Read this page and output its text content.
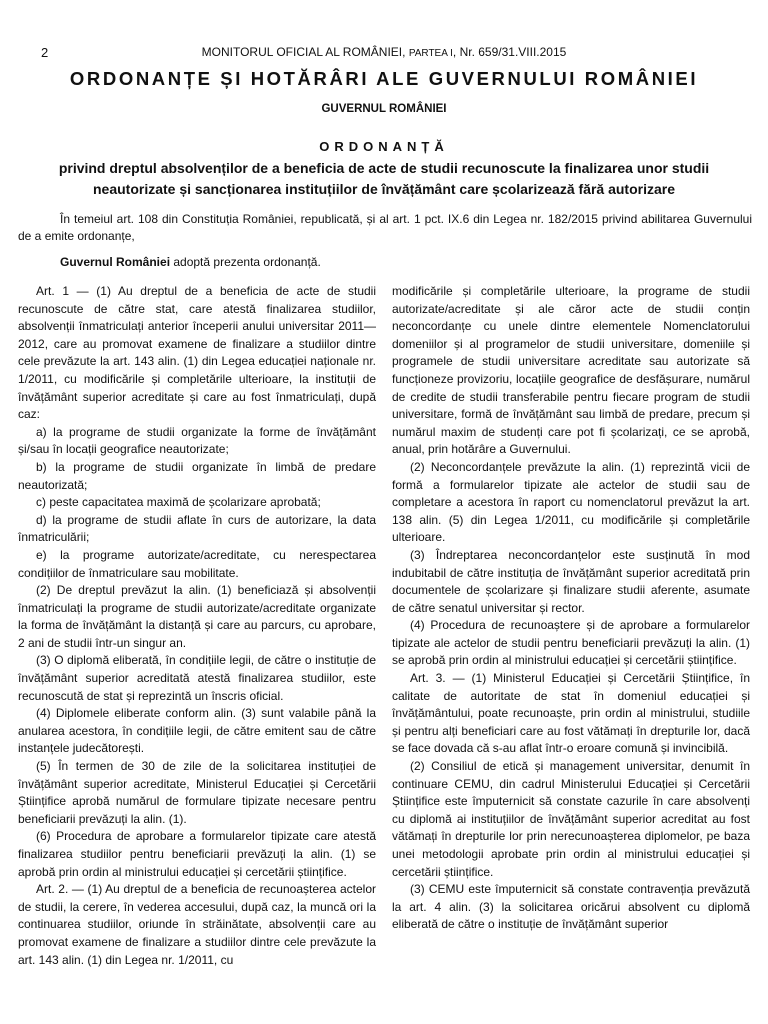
2	MONITORUL OFICIAL AL ROMÂNIEI, PARTEA I, Nr. 659/31.VIII.2015
ORDONANȚE ȘI HOTĂRÂRI ALE GUVERNULUI ROMÂNIEI
GUVERNUL ROMÂNIEI
ORDONANȚĂ
privind dreptul absolvenților de a beneficia de acte de studii recunoscute la finalizarea unor studii neautorizate și sancționarea instituțiilor de învățământ care școlarizează fără autorizare

În temeiul art. 108 din Constituția României, republicată, și al art. 1 pct. IX.6 din Legea nr. 182/2015 privind abilitarea Guvernului de a emite ordonanțe,

Guvernul României adoptă prezenta ordonanță.

Art. 1 — (1) Au dreptul de a beneficia de acte de studii recunoscute de către stat, care atestă finalizarea studiilor, absolvenții înmatriculați anterior începerii anului universitar 2011—2012, care au promovat examene de finalizare a studiilor dintre cele prevăzute la art. 143 alin. (1) din Legea educației naționale nr. 1/2011, cu modificările și completările ulterioare, la instituții de învățământ superior acreditate și care au fost înmatriculați, după caz:

a) la programe de studii organizate la forme de învățământ și/sau în locații geografice neautorizate;

b) la programe de studii organizate în limbă de predare neautorizată;

c) peste capacitatea maximă de școlarizare aprobată;

d) la programe de studii aflate în curs de autorizare, la data înmatriculării;

e) la programe autorizate/acreditate, cu nerespectarea condițiilor de înmatriculare sau mobilitate.

(2) De dreptul prevăzut la alin. (1) beneficiază și absolvenții înmatriculați la programe de studii autorizate/acreditate organizate la forma de învățământ la distanță și care au parcurs, cu aprobare, 2 ani de studii într-un singur an.

(3) O diplomă eliberată, în condițiile legii, de către o instituție de învățământ superior acreditată atestă finalizarea studiilor, este recunoscută de stat și reprezintă un înscris oficial.

(4) Diplomele eliberate conform alin. (3) sunt valabile până la anularea acestora, în condițiile legii, de către emitent sau de către instanțele judecătorești.

(5) În termen de 30 de zile de la solicitarea instituției de învățământ superior acreditate, Ministerul Educației și Cercetării Științifice aprobă numărul de formulare tipizate necesare pentru beneficiarii prevăzuți la alin. (1).

(6) Procedura de aprobare a formularelor tipizate care atestă finalizarea studiilor pentru beneficiarii prevăzuți la alin. (1) se aprobă prin ordin al ministrului educației și cercetării științifice.

Art. 2. — (1) Au dreptul de a beneficia de recunoașterea actelor de studii, la cerere, în vederea accesului, după caz, la muncă ori la continuarea studiilor, oriunde în străinătate, absolvenții care au promovat examene de finalizare a studiilor dintre cele prevăzute la art. 143 alin. (1) din Legea nr. 1/2011, cu

modificările și completările ulterioare, la programe de studii autorizate/acreditate și ale căror acte de studii conțin neconcordanțe cu unele dintre elementele Nomenclatorului domeniilor și al programelor de studii universitare, domeniile și programele de studii universitare acreditate sau autorizate să funcționeze provizoriu, locațiile geografice de desfășurare, numărul de credite de studii transferabile pentru fiecare program de studii universitare, formă de învățământ sau limbă de predare, precum și numărul maxim de studenți care pot fi școlarizați, ce se aprobă, anual, prin hotărâre a Guvernului.

(2) Neconcordanțele prevăzute la alin. (1) reprezintă vicii de formă a formularelor tipizate ale actelor de studii sau de completare a acestora în raport cu nomenclatorul prevăzut la art. 138 alin. (5) din Legea 1/2011, cu modificările și completările ulterioare.

(3) Îndreptarea neconcordanțelor este susținută în mod indubitabil de către instituția de învățământ superior acreditată prin documentele de școlarizare și finalizare studii aferente, asumate de către senatul universitar și rector.

(4) Procedura de recunoaștere și de aprobare a formularelor tipizate ale actelor de studii pentru beneficiarii prevăzuți la alin. (1) se aprobă prin ordin al ministrului educației și cercetării științifice.

Art. 3. — (1) Ministerul Educației și Cercetării Științifice, în calitate de autoritate de stat în domeniul educației și învățământului, poate recunoaște, prin ordin al ministrului, studiile și pentru alți beneficiari care au fost vătămați în drepturile lor, dacă se face dovada că s-au aflat într-o eroare comună și invincibilă.

(2) Consiliul de etică și management universitar, denumit în continuare CEMU, din cadrul Ministerului Educației și Cercetării Științifice este împuternicit să constate cazurile în care absolvenți cu diplomă ai instituțiilor de învățământ superior acreditat au fost vătămați în drepturile lor prin nerecunoașterea diplomelor, pe baza unei metodologii aprobate prin ordin al ministrului educației și cercetării științifice.

(3) CEMU este împuternicit să constate contravenția prevăzută la art. 4 alin. (3) la solicitarea oricărui absolvent cu diplomă eliberată de către o instituție de învățământ superior
